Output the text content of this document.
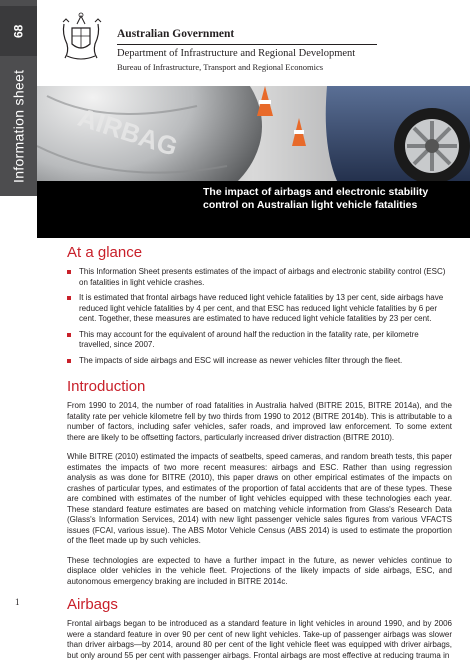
68
Information sheet
1
Australian Government
Department of Infrastructure and Regional Development
Bureau of Infrastructure, Transport and Regional Economics
AIRBAG
The impact of airbags and electronic stability control on Australian light vehicle fatalities
At a glance
This Information Sheet presents estimates of the impact of airbags and electronic stability control (ESC) on fatalities in light vehicle crashes.
It is estimated that frontal airbags have reduced light vehicle fatalities by 13 per cent, side airbags have reduced light vehicle fatalities by 4 per cent, and that ESC has reduced light vehicle fatalities by 6 per cent. Together, these measures are estimated to have reduced light vehicle fatalities by 23 per cent.
This may account for the equivalent of around half the reduction in the fatality rate, per kilometre travelled, since 2007.
The impacts of side airbags and ESC will increase as newer vehicles filter through the fleet.
Introduction

From 1990 to 2014, the number of road fatalities in Australia halved (BITRE 2015, BITRE 2014a), and the fatality rate per vehicle kilometre fell by two thirds from 1990 to 2012 (BITRE 2014b). This is attributable to a number of factors, including safer vehicles, safer roads, and improved law enforcement. To some extent there are likely to be offsetting factors, particularly increased driver distraction (BITRE 2010).

While BITRE (2010) estimated the impacts of seatbelts, speed cameras, and random breath tests, this paper estimates the impacts of two more recent measures: airbags and ESC. Rather than using regression analysis as was done for BITRE (2010), this paper draws on other empirical estimates of the impacts on crashes of particular types, and estimates of the proportion of fatal accidents that are of these types. These are combined with estimates of the number of light vehicles equipped with these technologies each year. These standard feature estimates are based on matching vehicle information from Glass's Research Data (Glass's Information Services, 2014) with new light passenger vehicle sales figures from various VFACTS issues (FCAI, various issue). The ABS Motor Vehicle Census (ABS 2014) is used to estimate the proportion of the fleet made up by such vehicles.

These technologies are expected to have a further impact in the future, as newer vehicles continue to displace older vehicles in the vehicle fleet. Projections of the likely impacts of side airbags, ESC, and autonomous emergency braking are included in BITRE 2014c.

Airbags

Frontal airbags began to be introduced as a standard feature in light vehicles in around 1990, and by 2006 were a standard feature in over 90 per cent of new light vehicles. Take-up of passenger airbags was slower than driver airbags—by 2014, around 80 per cent of the light vehicle fleet was equipped with driver airbags, but only around 55 per cent with passenger airbags. Frontal airbags are most effective at reducing trauma in
